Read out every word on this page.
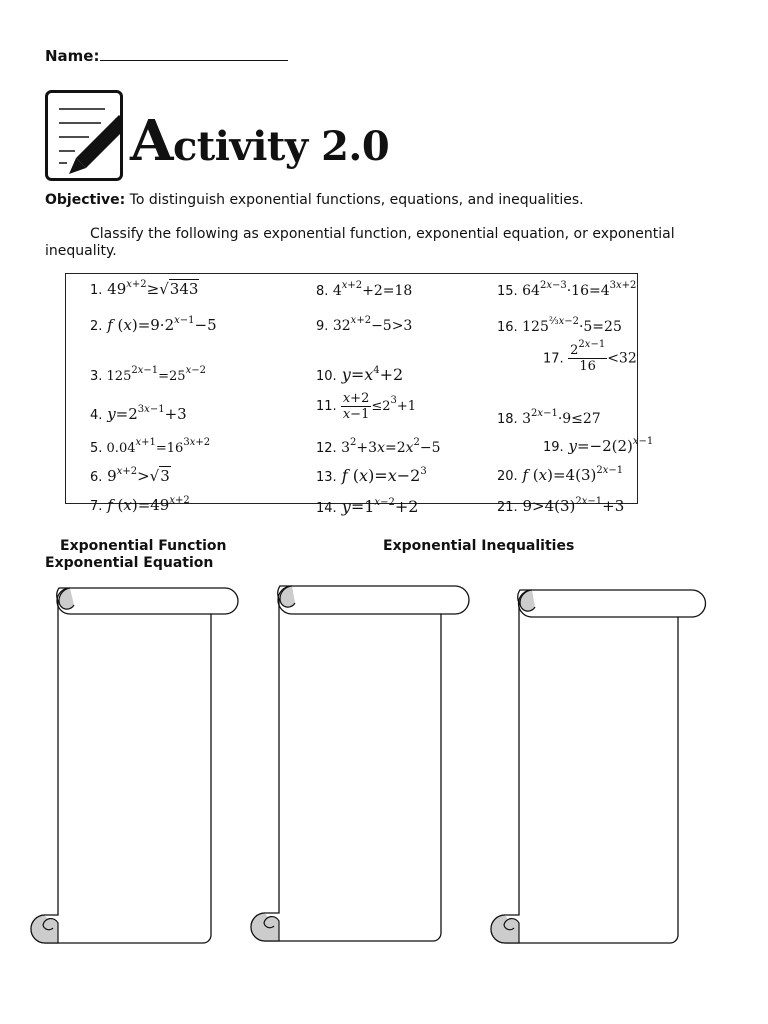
Name:
Activity 2.0
Objective: To distinguish exponential functions, equations, and inequalities.
Classify the following as exponential function, exponential equation, or exponential inequality.
1. $49^{x+2}\ge√343$
2. f $(x)=9\cdot 2^{x-1}-5$
3. $125^{2x-1}=25^{x-2}$
4. $y=2^{3x-1}+3$
5. $0.04^{x+1}=16^{3x+2}$
6. $9^{x+2}>√3$
7. f $(x)=49^{x+2}$
8. $4^{x+2}+2=18$
9. $32^{x+2}-5>3$
10. $y=x^4+2$
11. $\frac{x+2}{x-1} \le 2^3+1$
12. $3^2+3x=2x^2-5$
13. f $(x)=x-2^3$
14. $y=1^{x-2}+2$
15. $64^{2x-3}\cdot 16=4^{3x+2}$
16. $125^{\frac{2}{3}x-2}\cdot 5=25$
17. $\frac{2^{2x-1}}{16} <32$
18. $3^{2x-1}\cdot 9\le 27$
19. $y=-2(2)^{x-1}$
20. f $(x)=4(3)^{2x-1}$
21. $9>4(3)^{2x-1}+3$
Exponential Function
Exponential Equation
Exponential Inequalities
